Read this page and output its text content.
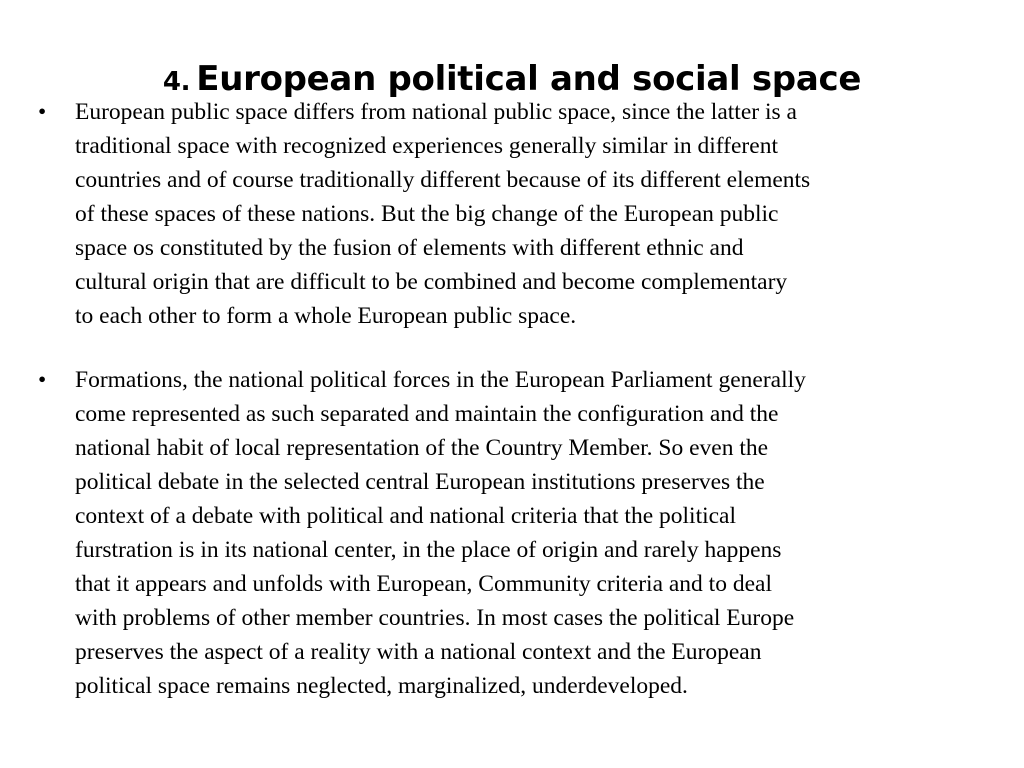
4. European political and social space
•	European public space differs from national public space, since the latter is a
traditional space with recognized experiences generally similar in different
countries and of course traditionally different because of its different elements
of these spaces of these nations. But the big change of the European public
space os constituted by the fusion of elements with different ethnic and
cultural origin that are difficult to be combined and become complementary
to each other to form a whole European public space.
•	Formations, the national political forces in the European Parliament generally
come represented as such separated and maintain the configuration and the
national habit of local representation of the Country Member. So even the
political debate in the selected central European institutions preserves the
context of a debate with political and national criteria that the political
furstration is in its national center, in the place of origin and rarely happens
that it appears and unfolds with European, Community criteria and to deal
with problems of other member countries. In most cases the political Europe
preserves the aspect of a reality with a national context and the European
political space remains neglected, marginalized, underdeveloped.
